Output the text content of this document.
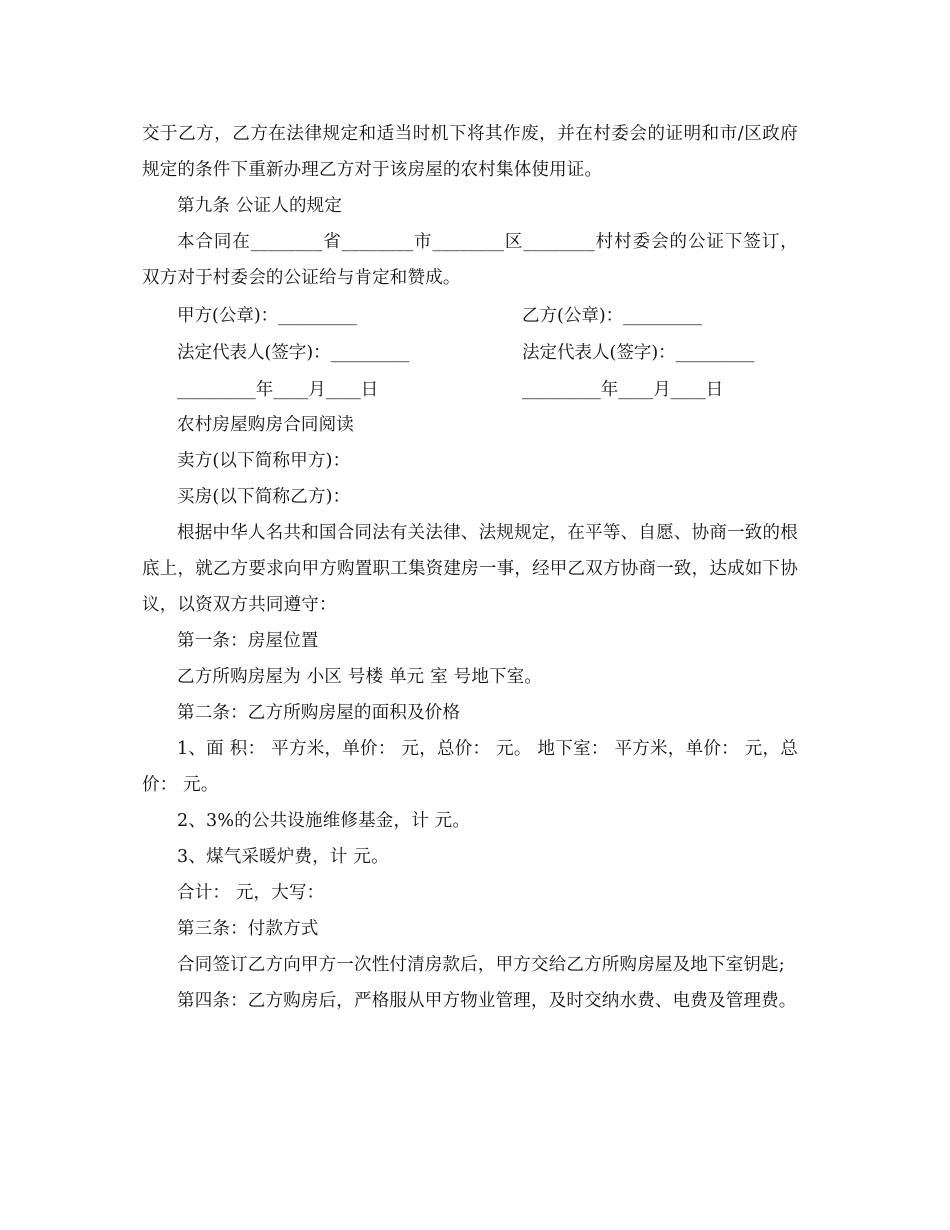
交于乙方，乙方在法律规定和适当时机下将其作废，并在村委会的证明和市/区政府规定的条件下重新办理乙方对于该房屋的农村集体使用证。

第九条 公证人的规定

本合同在________省________市________区________村村委会的公证下签订，双方对于村委会的公证给与肯定和赞成。

甲方(公章)：_________	乙方(公章)：_________
法定代表人(签字)：_________	法定代表人(签字)：_________
_________年____月____日	_________年____月____日

农村房屋购房合同阅读

卖方(以下简称甲方)：

买房(以下简称乙方)：

根据中华人名共和国合同法有关法律、法规规定，在平等、自愿、协商一致的根底上，就乙方要求向甲方购置职工集资建房一事，经甲乙双方协商一致，达成如下协议，以资双方共同遵守：

第一条：房屋位置

乙方所购房屋为 小区 号楼 单元 室 号地下室。

第二条：乙方所购房屋的面积及价格

1、面 积： 平方米，单价： 元，总价： 元。 地下室： 平方米，单价： 元，总价： 元。

2、3%的公共设施维修基金，计 元。

3、煤气采暖炉费，计 元。

合计： 元，大写：

第三条：付款方式

合同签订乙方向甲方一次性付清房款后，甲方交给乙方所购房屋及地下室钥匙;

第四条：乙方购房后，严格服从甲方物业管理，及时交纳水费、电费及管理费。
